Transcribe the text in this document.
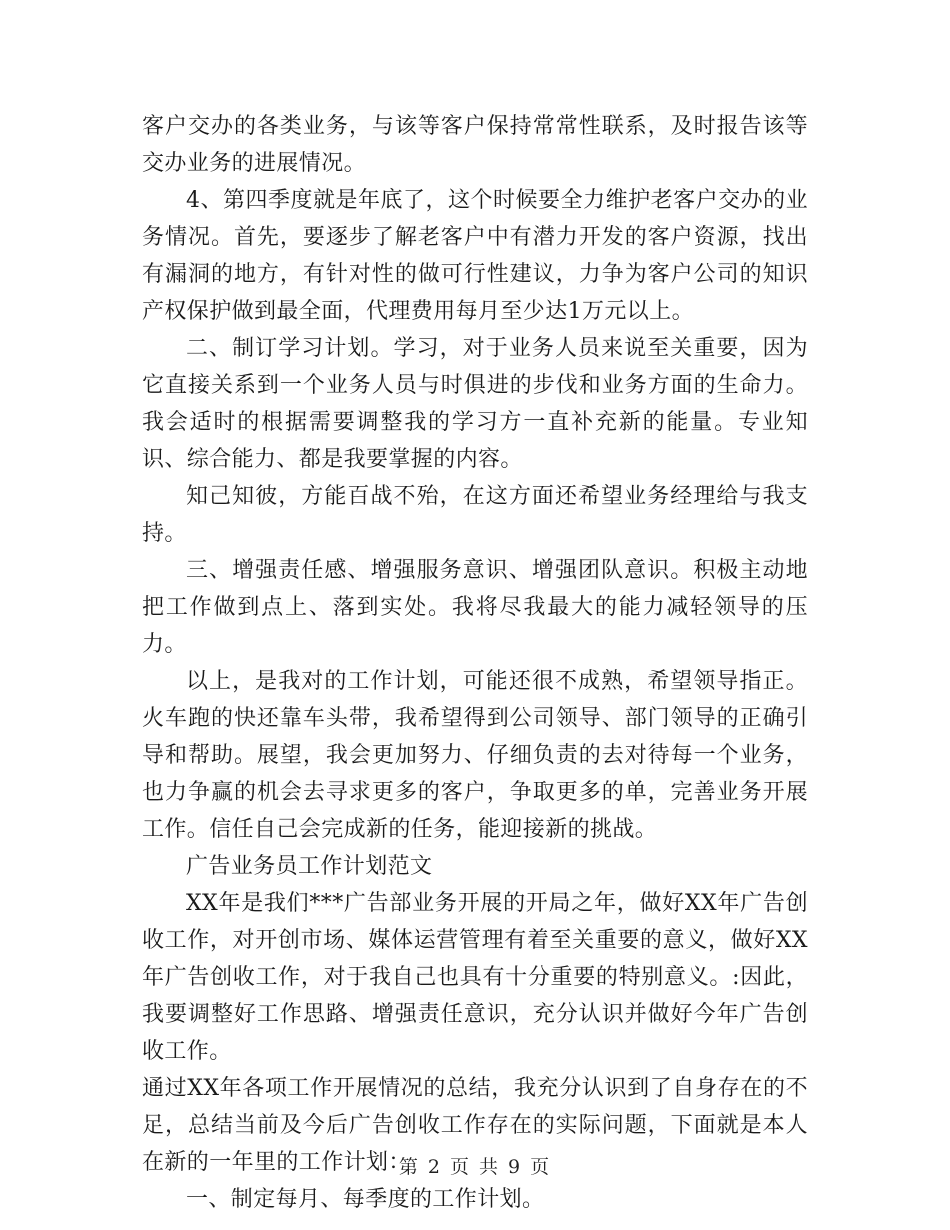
客户交办的各类业务，与该等客户保持常常性联系，及时报告该等交办业务的进展情况。

4、第四季度就是年底了，这个时候要全力维护老客户交办的业务情况。首先，要逐步了解老客户中有潜力开发的客户资源，找出有漏洞的地方，有针对性的做可行性建议，力争为客户公司的知识产权保护做到最全面，代理费用每月至少达1万元以上。

二、制订学习计划。学习，对于业务人员来说至关重要，因为它直接关系到一个业务人员与时俱进的步伐和业务方面的生命力。我会适时的根据需要调整我的学习方一直补充新的能量。专业知识、综合能力、都是我要掌握的内容。

知己知彼，方能百战不殆，在这方面还希望业务经理给与我支持。

三、增强责任感、增强服务意识、增强团队意识。积极主动地把工作做到点上、落到实处。我将尽我最大的能力减轻领导的压力。

以上，是我对的工作计划，可能还很不成熟，希望领导指正。火车跑的快还靠车头带，我希望得到公司领导、部门领导的正确引导和帮助。展望，我会更加努力、仔细负责的去对待每一个业务，也力争赢的机会去寻求更多的客户，争取更多的单，完善业务开展工作。信任自己会完成新的任务，能迎接新的挑战。

广告业务员工作计划范文

XX年是我们***广告部业务开展的开局之年，做好XX年广告创收工作，对开创市场、媒体运营管理有着至关重要的意义，做好XX年广告创收工作，对于我自己也具有十分重要的特别意义。:因此，我要调整好工作思路、增强责任意识，充分认识并做好今年广告创收工作。

通过XX年各项工作开展情况的总结，我充分认识到了自身存在的不足，总结当前及今后广告创收工作存在的实际问题，下面就是本人在新的一年里的工作计划：

一、制定每月、每季度的工作计划。

第 2 页 共 9 页
